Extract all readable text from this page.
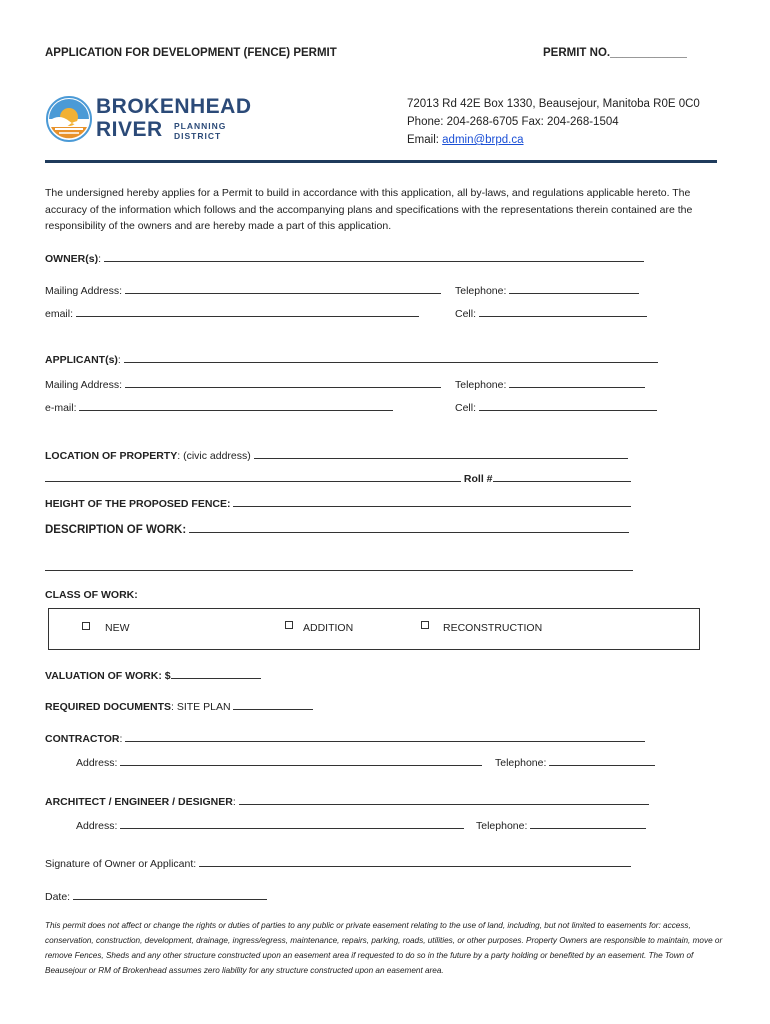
APPLICATION FOR DEVELOPMENT (FENCE) PERMIT	PERMIT NO.____________
BROKENHEAD
RIVER PLANNING
DISTRICT
72013 Rd 42E Box 1330, Beausejour, Manitoba R0E 0C0
Phone: 204-268-6705 Fax: 204-268-1504
Email: admin@brpd.ca
The undersigned hereby applies for a Permit to build in accordance with this application, all by-laws, and regulations applicable hereto. The accuracy of the information which follows and the accompanying plans and specifications with the representations therein contained are the responsibility of the owners and are hereby made a part of this application.
OWNER(s):
Mailing Address:	Telephone:
email:	Cell:
APPLICANT(s):
Mailing Address:	Telephone:
e-mail:	Cell:
LOCATION OF PROPERTY: (civic address)
Roll #
HEIGHT OF THE PROPOSED FENCE:
DESCRIPTION OF WORK:
CLASS OF WORK:
NEW	ADDITION	RECONSTRUCTION
VALUATION OF WORK: $
REQUIRED DOCUMENTS: SITE PLAN
CONTRACTOR:
Address:	Telephone:
ARCHITECT / ENGINEER / DESIGNER:
Address:	Telephone:
Signature of Owner or Applicant:
Date:
This permit does not affect or change the rights or duties of parties to any public or private easement relating to the use of land, including, but not limited to easements for: access, conservation, construction, development, drainage, ingress/egress, maintenance, repairs, parking, roads, utilities, or other purposes. Property Owners are responsible to maintain, move or remove Fences, Sheds and any other structure constructed upon an easement area if requested to do so in the future by a party holding or benefited by an easement. The Town of Beausejour or RM of Brokenhead assumes zero liability for any structure constructed upon an easement area.
